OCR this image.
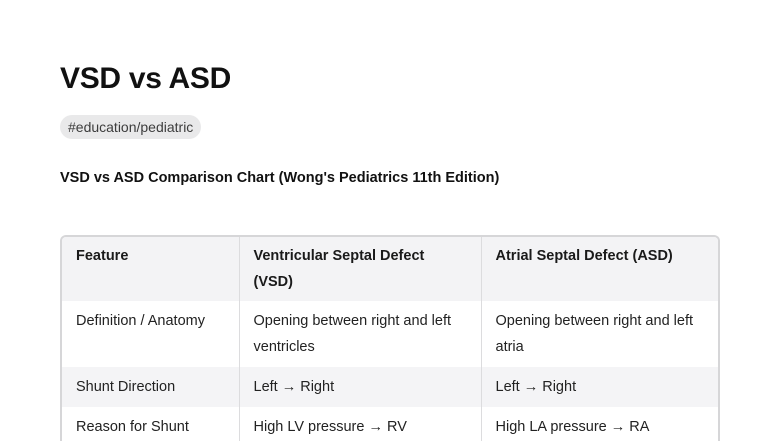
VSD vs ASD
#education/pediatric

VSD vs ASD Comparison Chart (Wong's Pediatrics 11th Edition)

Feature	Ventricular Septal Defect (VSD)	Atrial Septal Defect (ASD)
Definition / Anatomy	Opening between right and left ventricles	Opening between right and left atria
Shunt Direction	Left → Right	Left → Right
Reason for Shunt	High LV pressure → RV	High LA pressure → RA
